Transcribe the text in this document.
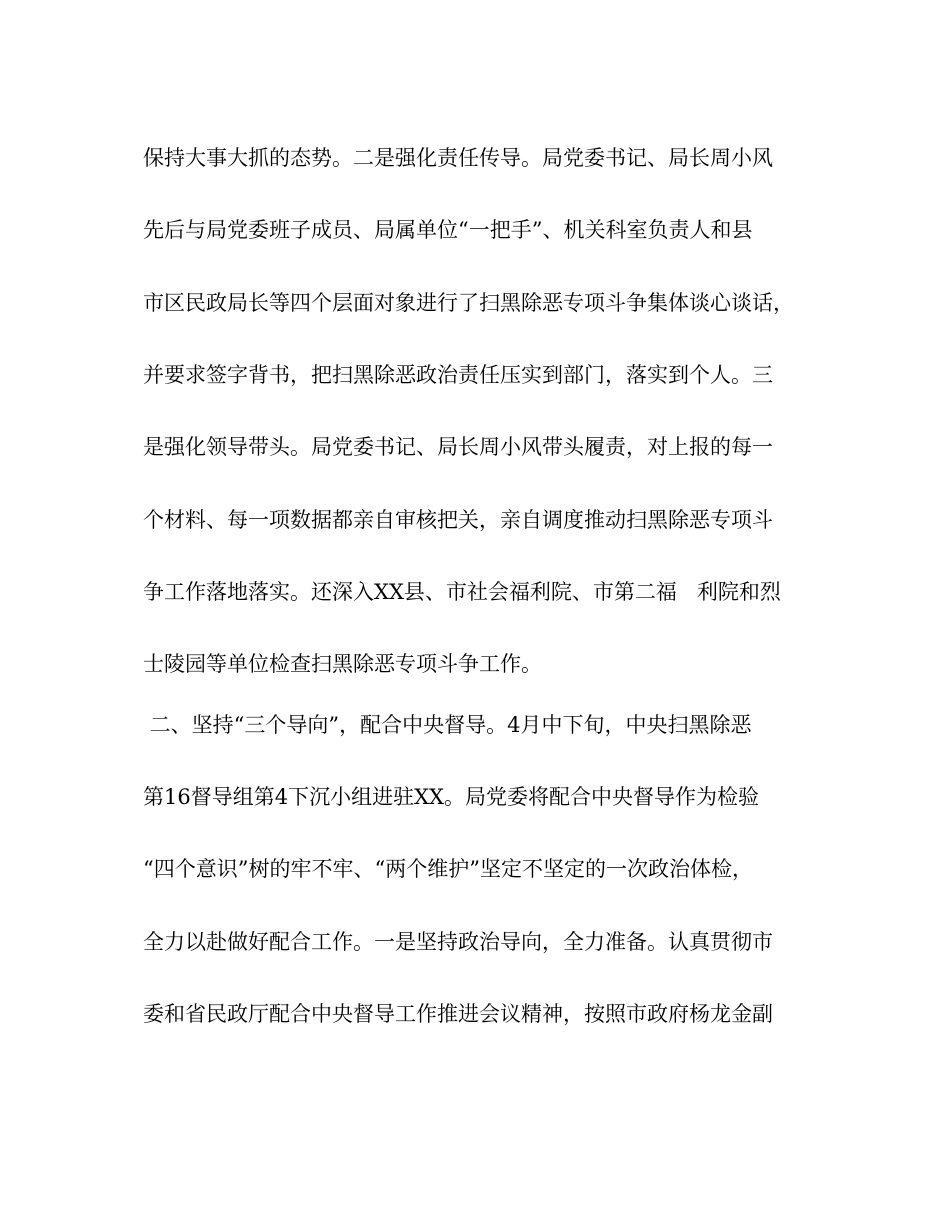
保持大事大抓的态势。二是强化责任传导。局党委书记、局长周小风

先后与局党委班子成员、局属单位“一把手”、机关科室负责人和县

市区民政局长等四个层面对象进行了扫黑除恶专项斗争集体谈心谈话，

并要求签字背书，把扫黑除恶政治责任压实到部门，落实到个人。三

是强化领导带头。局党委书记、局长周小风带头履责，对上报的每一

个材料、每一项数据都亲自审核把关，亲自调度推动扫黑除恶专项斗

争工作落地落实。还深入XX县、市社会福利院、市第二福   利院和烈

士陵园等单位检查扫黑除恶专项斗争工作。

二、坚持“三个导向”，配合中央督导。4月中下旬，中央扫黑除恶

第16督导组第4下沉小组进驻XX。局党委将配合中央督导作为检验

“四个意识”树的牢不牢、“两个维护”坚定不坚定的一次政治体检，

全力以赴做好配合工作。一是坚持政治导向，全力准备。认真贯彻市

委和省民政厅配合中央督导工作推进会议精神，按照市政府杨龙金副
